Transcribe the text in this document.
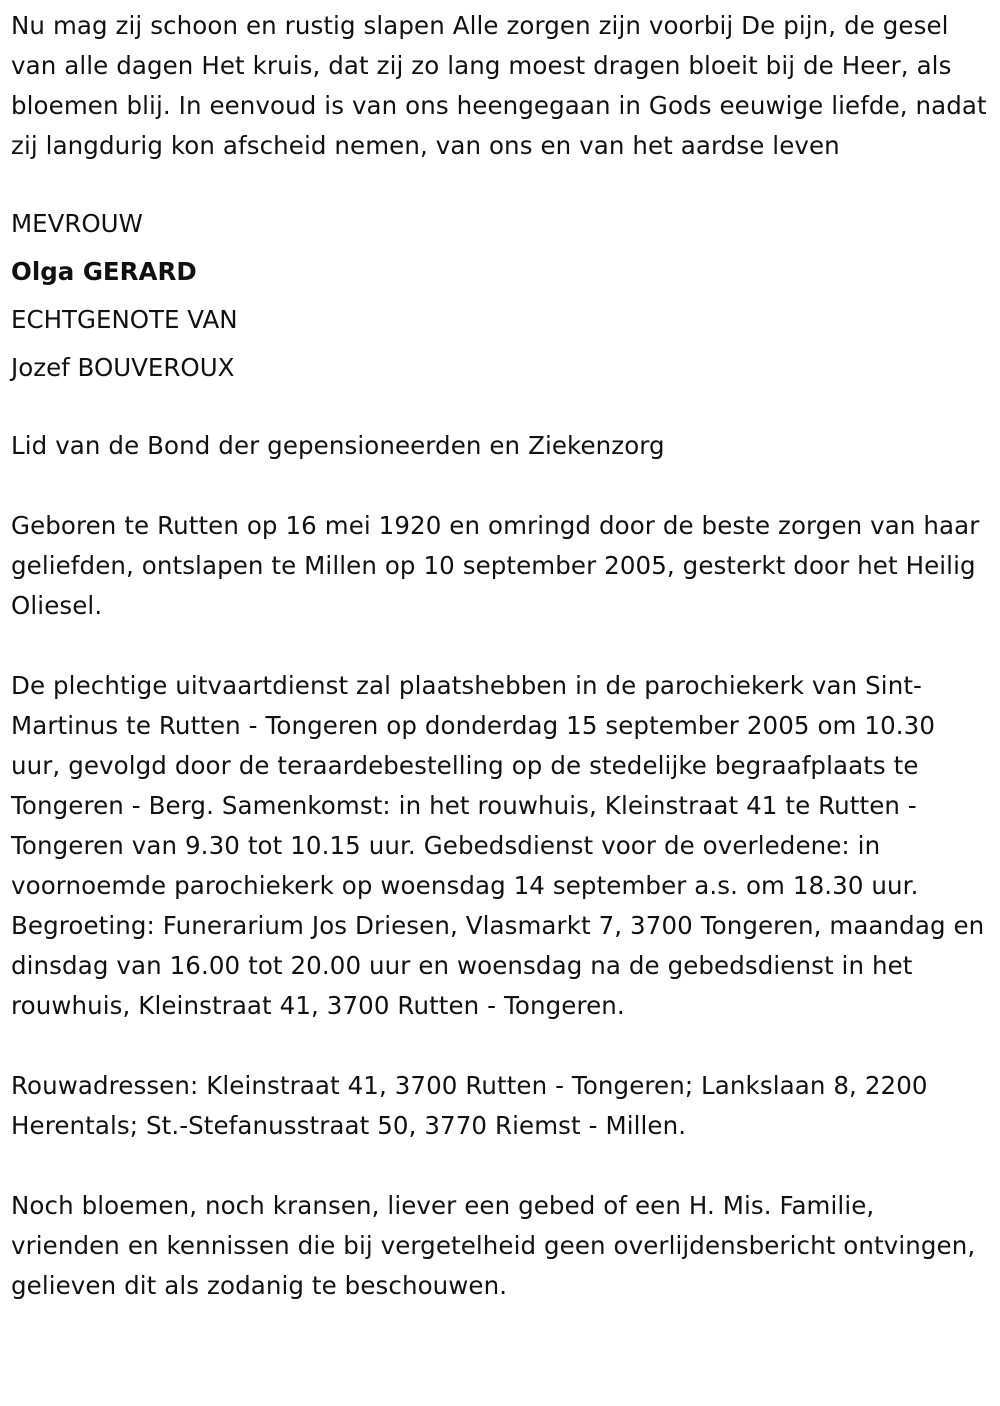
Nu mag zij schoon en rustig slapen Alle zorgen zijn voorbij De pijn, de gesel van alle dagen Het kruis, dat zij zo lang moest dragen bloeit bij de Heer, als bloemen blij. In eenvoud is van ons heengegaan in Gods eeuwige liefde, nadat zij langdurig kon afscheid nemen, van ons en van het aardse leven

MEVROUW
Olga GERARD
ECHTGENOTE VAN
Jozef BOUVEROUX

Lid van de Bond der gepensioneerden en Ziekenzorg

Geboren te Rutten op 16 mei 1920 en omringd door de beste zorgen van haar geliefden, ontslapen te Millen op 10 september 2005, gesterkt door het Heilig Oliesel.

De plechtige uitvaartdienst zal plaatshebben in de parochiekerk van Sint-Martinus te Rutten - Tongeren op donderdag 15 september 2005 om 10.30 uur, gevolgd door de teraardebestelling op de stedelijke begraafplaats te Tongeren - Berg. Samenkomst: in het rouwhuis, Kleinstraat 41 te Rutten - Tongeren van 9.30 tot 10.15 uur. Gebedsdienst voor de overledene: in voornoemde parochiekerk op woensdag 14 september a.s. om 18.30 uur. Begroeting: Funerarium Jos Driesen, Vlasmarkt 7, 3700 Tongeren, maandag en dinsdag van 16.00 tot 20.00 uur en woensdag na de gebedsdienst in het rouwhuis, Kleinstraat 41, 3700 Rutten - Tongeren.

Rouwadressen: Kleinstraat 41, 3700 Rutten - Tongeren; Lankslaan 8, 2200 Herentals; St.-Stefanusstraat 50, 3770 Riemst - Millen.

Noch bloemen, noch kransen, liever een gebed of een H. Mis. Familie, vrienden en kennissen die bij vergetelheid geen overlijdensbericht ontvingen, gelieven dit als zodanig te beschouwen.
